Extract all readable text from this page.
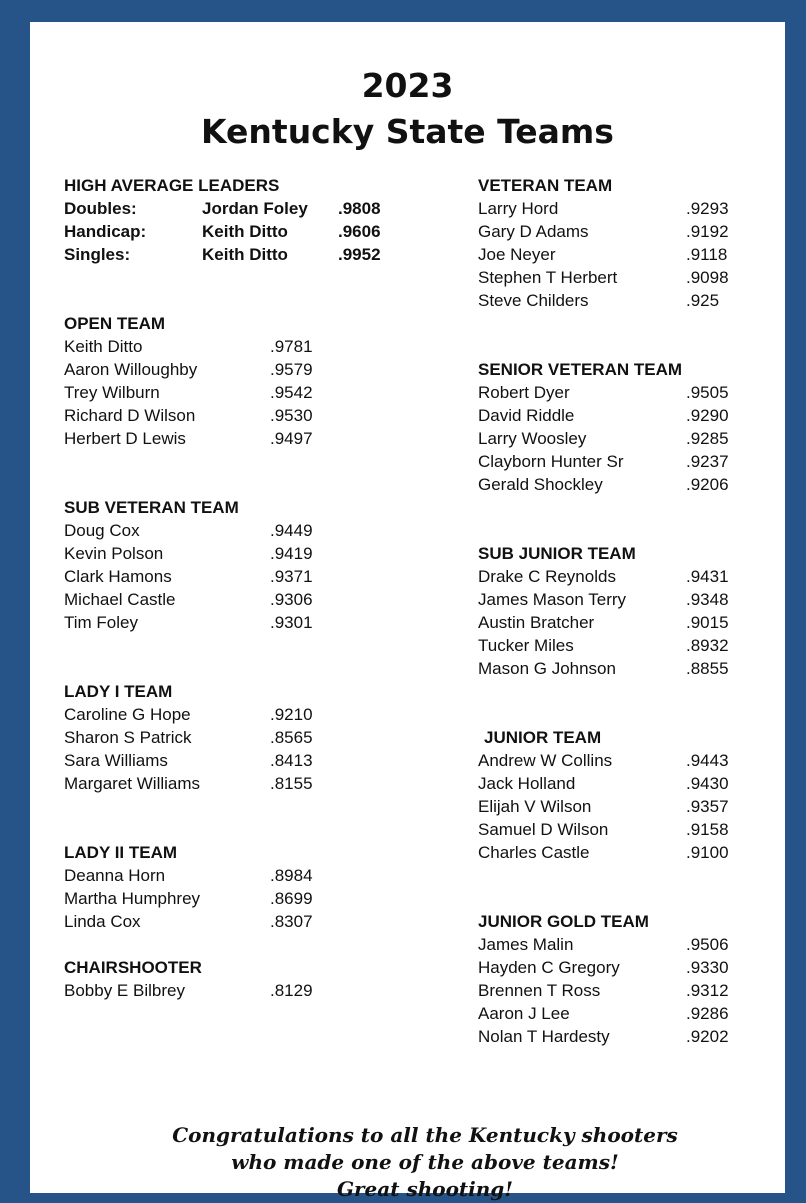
2023
Kentucky State Teams
HIGH AVERAGE LEADERS
Doubles:	Jordan Foley .9808
Handicap:	Keith Ditto	.9606
Singles:	Keith Ditto	.9952
Congratulations to all the Kentucky shooters
who made one of the above teams!
Great shooting!
OPEN TEAM
Keith Ditto	.9781
Aaron Willoughby	.9579
Trey Wilburn	.9542
Richard D Wilson	.9530
Herbert D Lewis	.9497
SUB VETERAN TEAM
Doug Cox	.9449
Kevin Polson	.9419
Clark Hamons	.9371
Michael Castle	.9306
Tim Foley	.9301
LADY I TEAM
Caroline G Hope	.9210
Sharon S Patrick	.8565
Sara Williams	.8413
Margaret Williams	.8155
LADY II TEAM
Deanna Horn	.8984
Martha Humphrey	.8699
Linda Cox	.8307
CHAIRSHOOTER
Bobby E Bilbrey	.8129
VETERAN TEAM
Larry Hord	.9293
Gary D Adams	.9192
Joe Neyer	.9118
Stephen T Herbert	.9098
Steve Childers	.925
SENIOR VETERAN TEAM
Robert Dyer	.9505
David Riddle	.9290
Larry Woosley	.9285
Clayborn Hunter Sr	.9237
Gerald Shockley	.9206
SUB JUNIOR TEAM
Drake C Reynolds	.9431
James Mason Terry	.9348
Austin Bratcher	.9015
Tucker Miles	.8932
Mason G Johnson	.8855
JUNIOR TEAM
Andrew W Collins	.9443
Jack Holland	.9430
Elijah V Wilson	.9357
Samuel D Wilson	.9158
Charles Castle	.9100
JUNIOR GOLD TEAM
James Malin	.9506
Hayden C Gregory	.9330
Brennen T Ross	.9312
Aaron J Lee	.9286
Nolan T Hardesty	.9202
